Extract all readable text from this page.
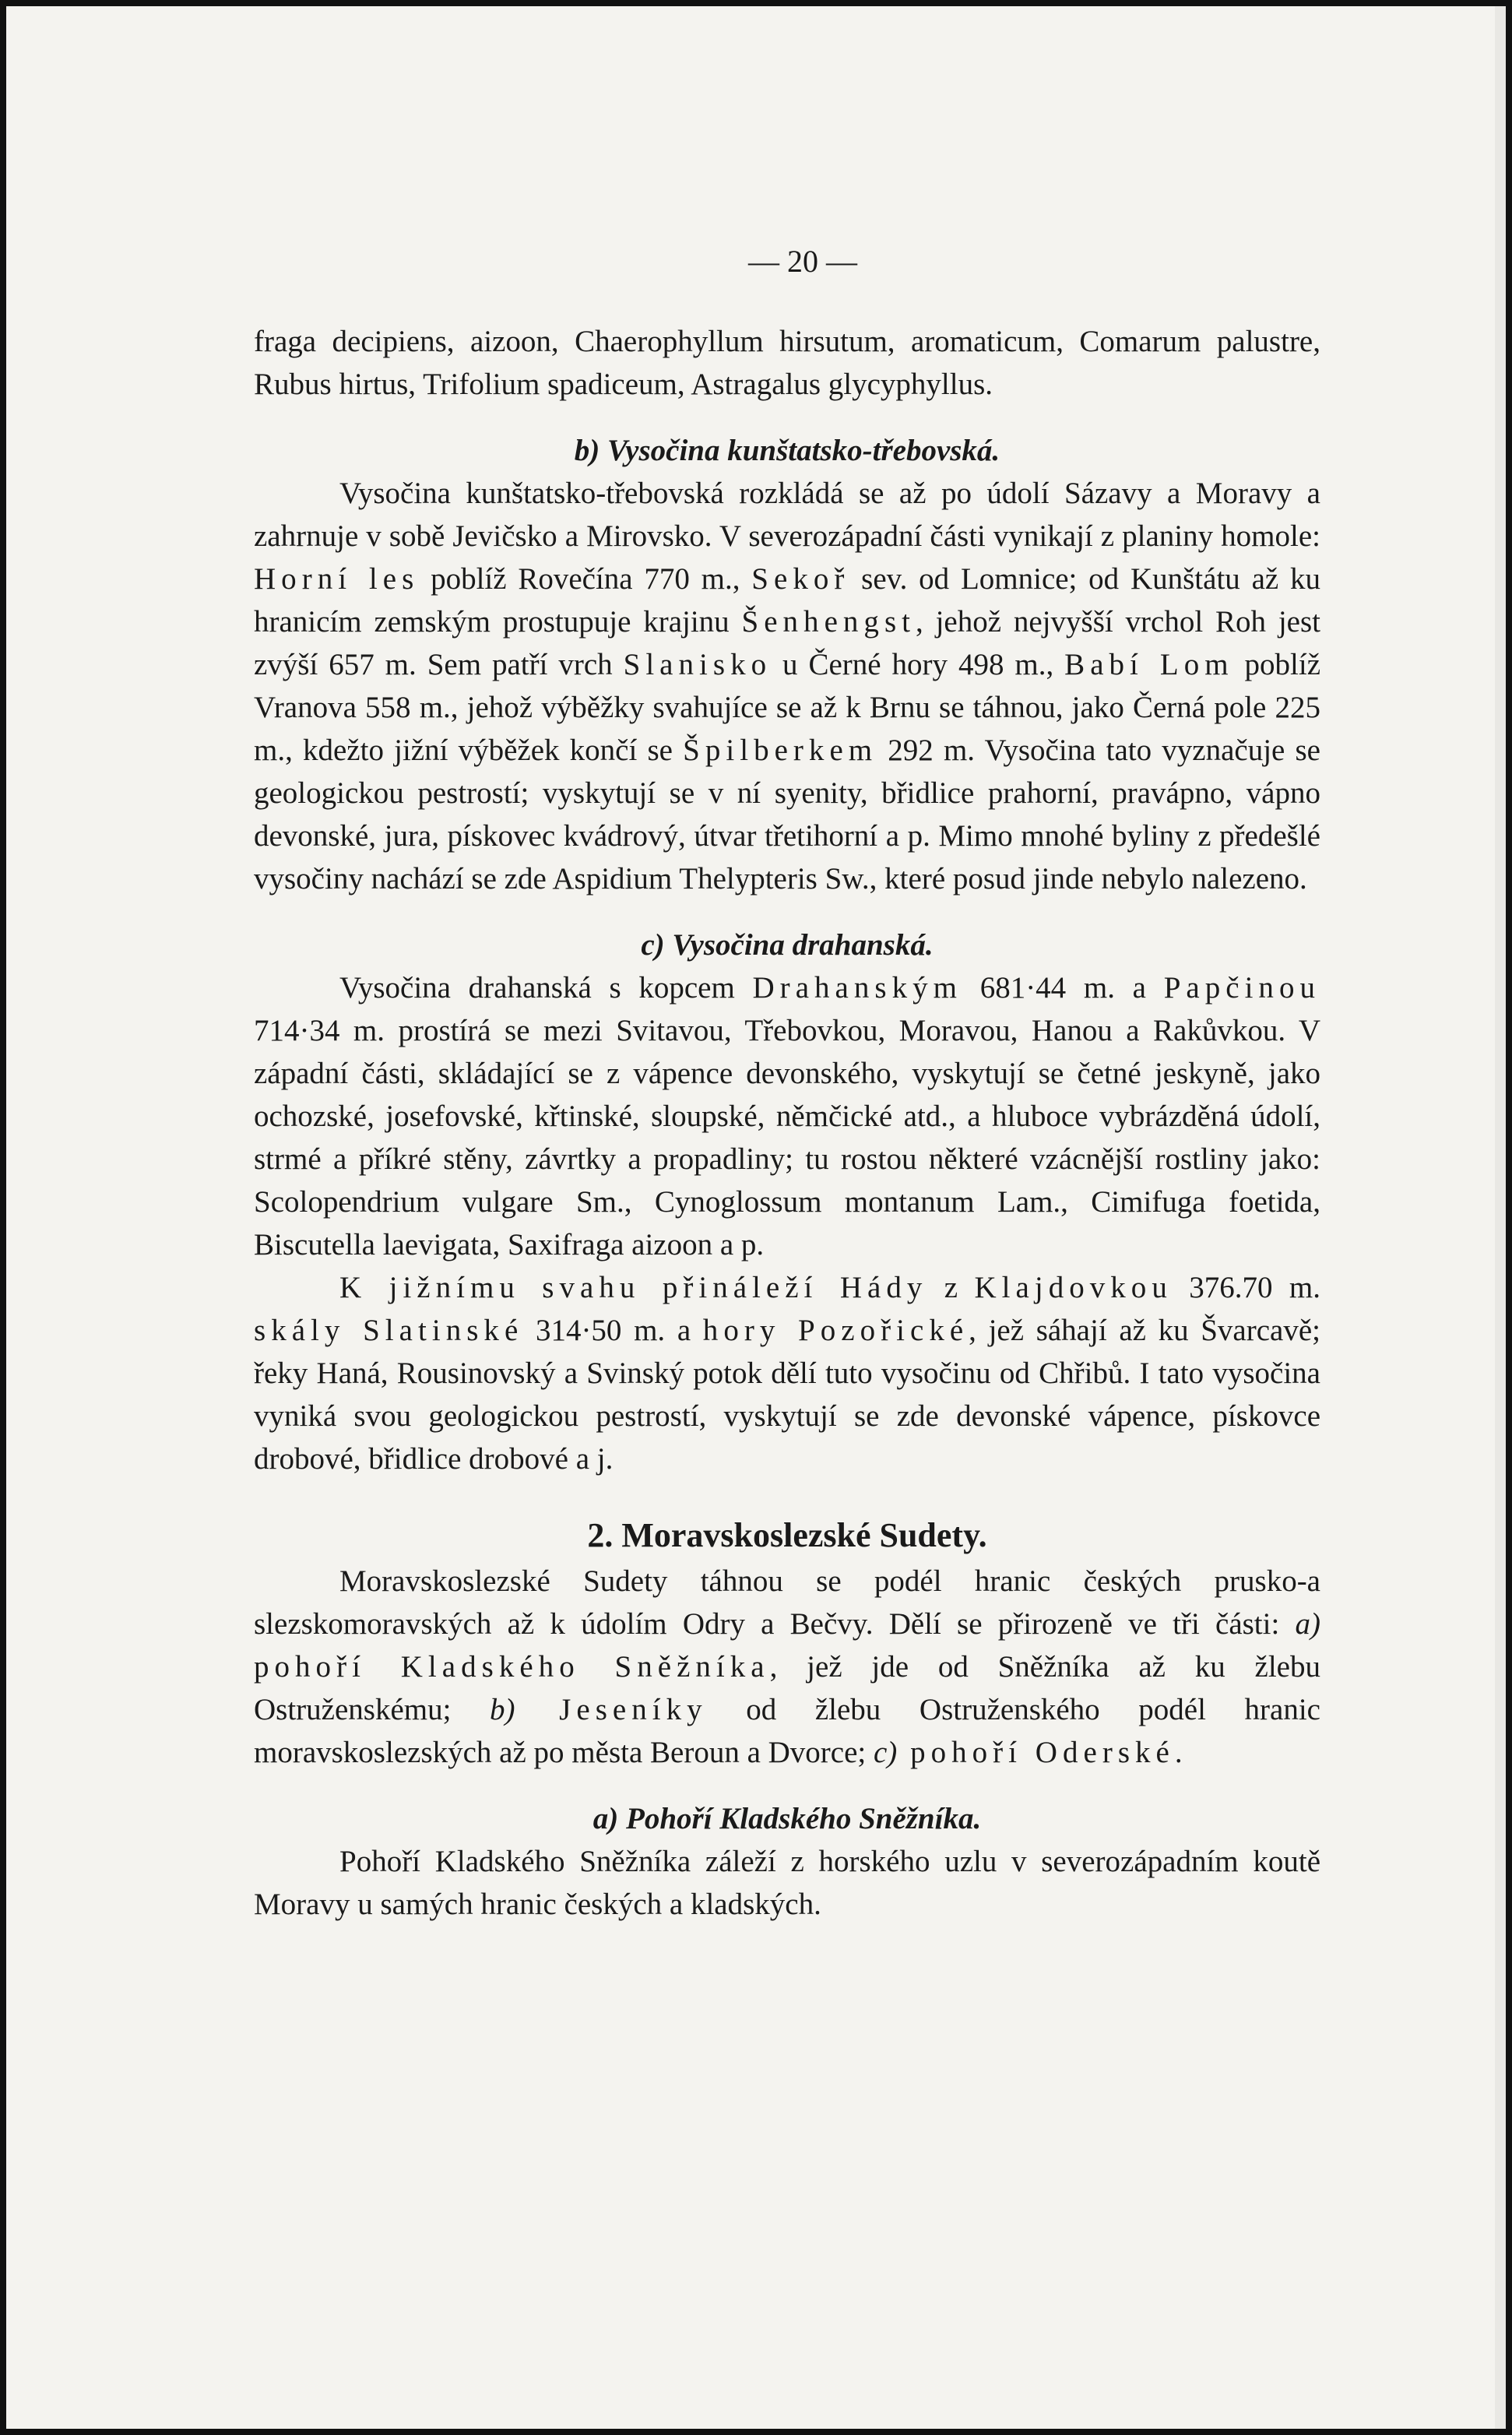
— 20 —

fraga decipiens, aizoon, Chaerophyllum hirsutum, aromaticum, Comarum palustre, Rubus hirtus, Trifolium spadiceum, Astragalus glycyphyllus.

b) Vysočina kunštatsko-třebovská.

Vysočina kunštatsko-třebovská rozkládá se až po údolí Sázavy a Moravy a zahrnuje v sobě Jevičsko a Mirovsko. V severozápadní části vynikají z planiny homole: Horní les poblíž Rovečína 770 m., Sekoř sev. od Lomnice; od Kunštátu až ku hranicím zemským prostupuje krajinu Šenhengst, jehož nejvyšší vrchol Roh jest zvýší 657 m. Sem patří vrch Slanisko u Černé hory 498 m., Babí Lom poblíž Vranova 558 m., jehož výběžky svahujíce se až k Brnu se táhnou, jako Černá pole 225 m., kdežto jižní výběžek končí se Špilberkem 292 m. Vysočina tato vyznačuje se geologickou pestrostí; vyskytují se v ní syenity, břidlice prahorní, pravápno, vápno devonské, jura, pískovec kvádrový, útvar třetihorní a p. Mimo mnohé byliny z předešlé vysočiny nachází se zde Aspidium Thelypteris Sw., které posud jinde nebylo nalezeno.

c) Vysočina drahanská.

Vysočina drahanská s kopcem Drahanským 681·44 m. a Papčinou 714·34 m. prostírá se mezi Svitavou, Třebovkou, Moravou, Hanou a Rakůvkou. V západní části, skládající se z vápence devonského, vyskytují se četné jeskyně, jako ochozské, josefovské, křtinské, sloupské, němčické atd., a hluboce vybrázděná údolí, strmé a příkré stěny, závrtky a propadliny; tu rostou některé vzácnější rostliny jako: Scolopendrium vulgare Sm., Cynoglossum montanum Lam., Cimifuga foetida, Biscutella laevigata, Saxifraga aizoon a p.

K jižnímu svahu přináleží Hády z Klajdovkou 376.70 m. skály Slatinské 314·50 m. a hory Pozořické, jež sáhají až ku Švarcavě; řeky Haná, Rousinovský a Svinský potok dělí tuto vysočinu od Chřibů. I tato vysočina vyniká svou geologickou pestrostí, vyskytují se zde devonské vápence, pískovce drobové, břidlice drobové a j.

2. Moravskoslezské Sudety.

Moravskoslezské Sudety táhnou se podél hranic českých prusko-a slezskomoravských až k údolím Odry a Bečvy. Dělí se přirozeně ve tři části: a) pohoří Kladského Sněžníka, jež jde od Sněžníka až ku žlebu Ostruženskému; b) Jeseníky od žlebu Ostruženského podél hranic moravskoslezských až po města Beroun a Dvorce; c) pohoří Oderské.

a) Pohoří Kladského Sněžníka.

Pohoří Kladského Sněžníka záleží z horského uzlu v severozápadním koutě Moravy u samých hranic českých a kladských.
